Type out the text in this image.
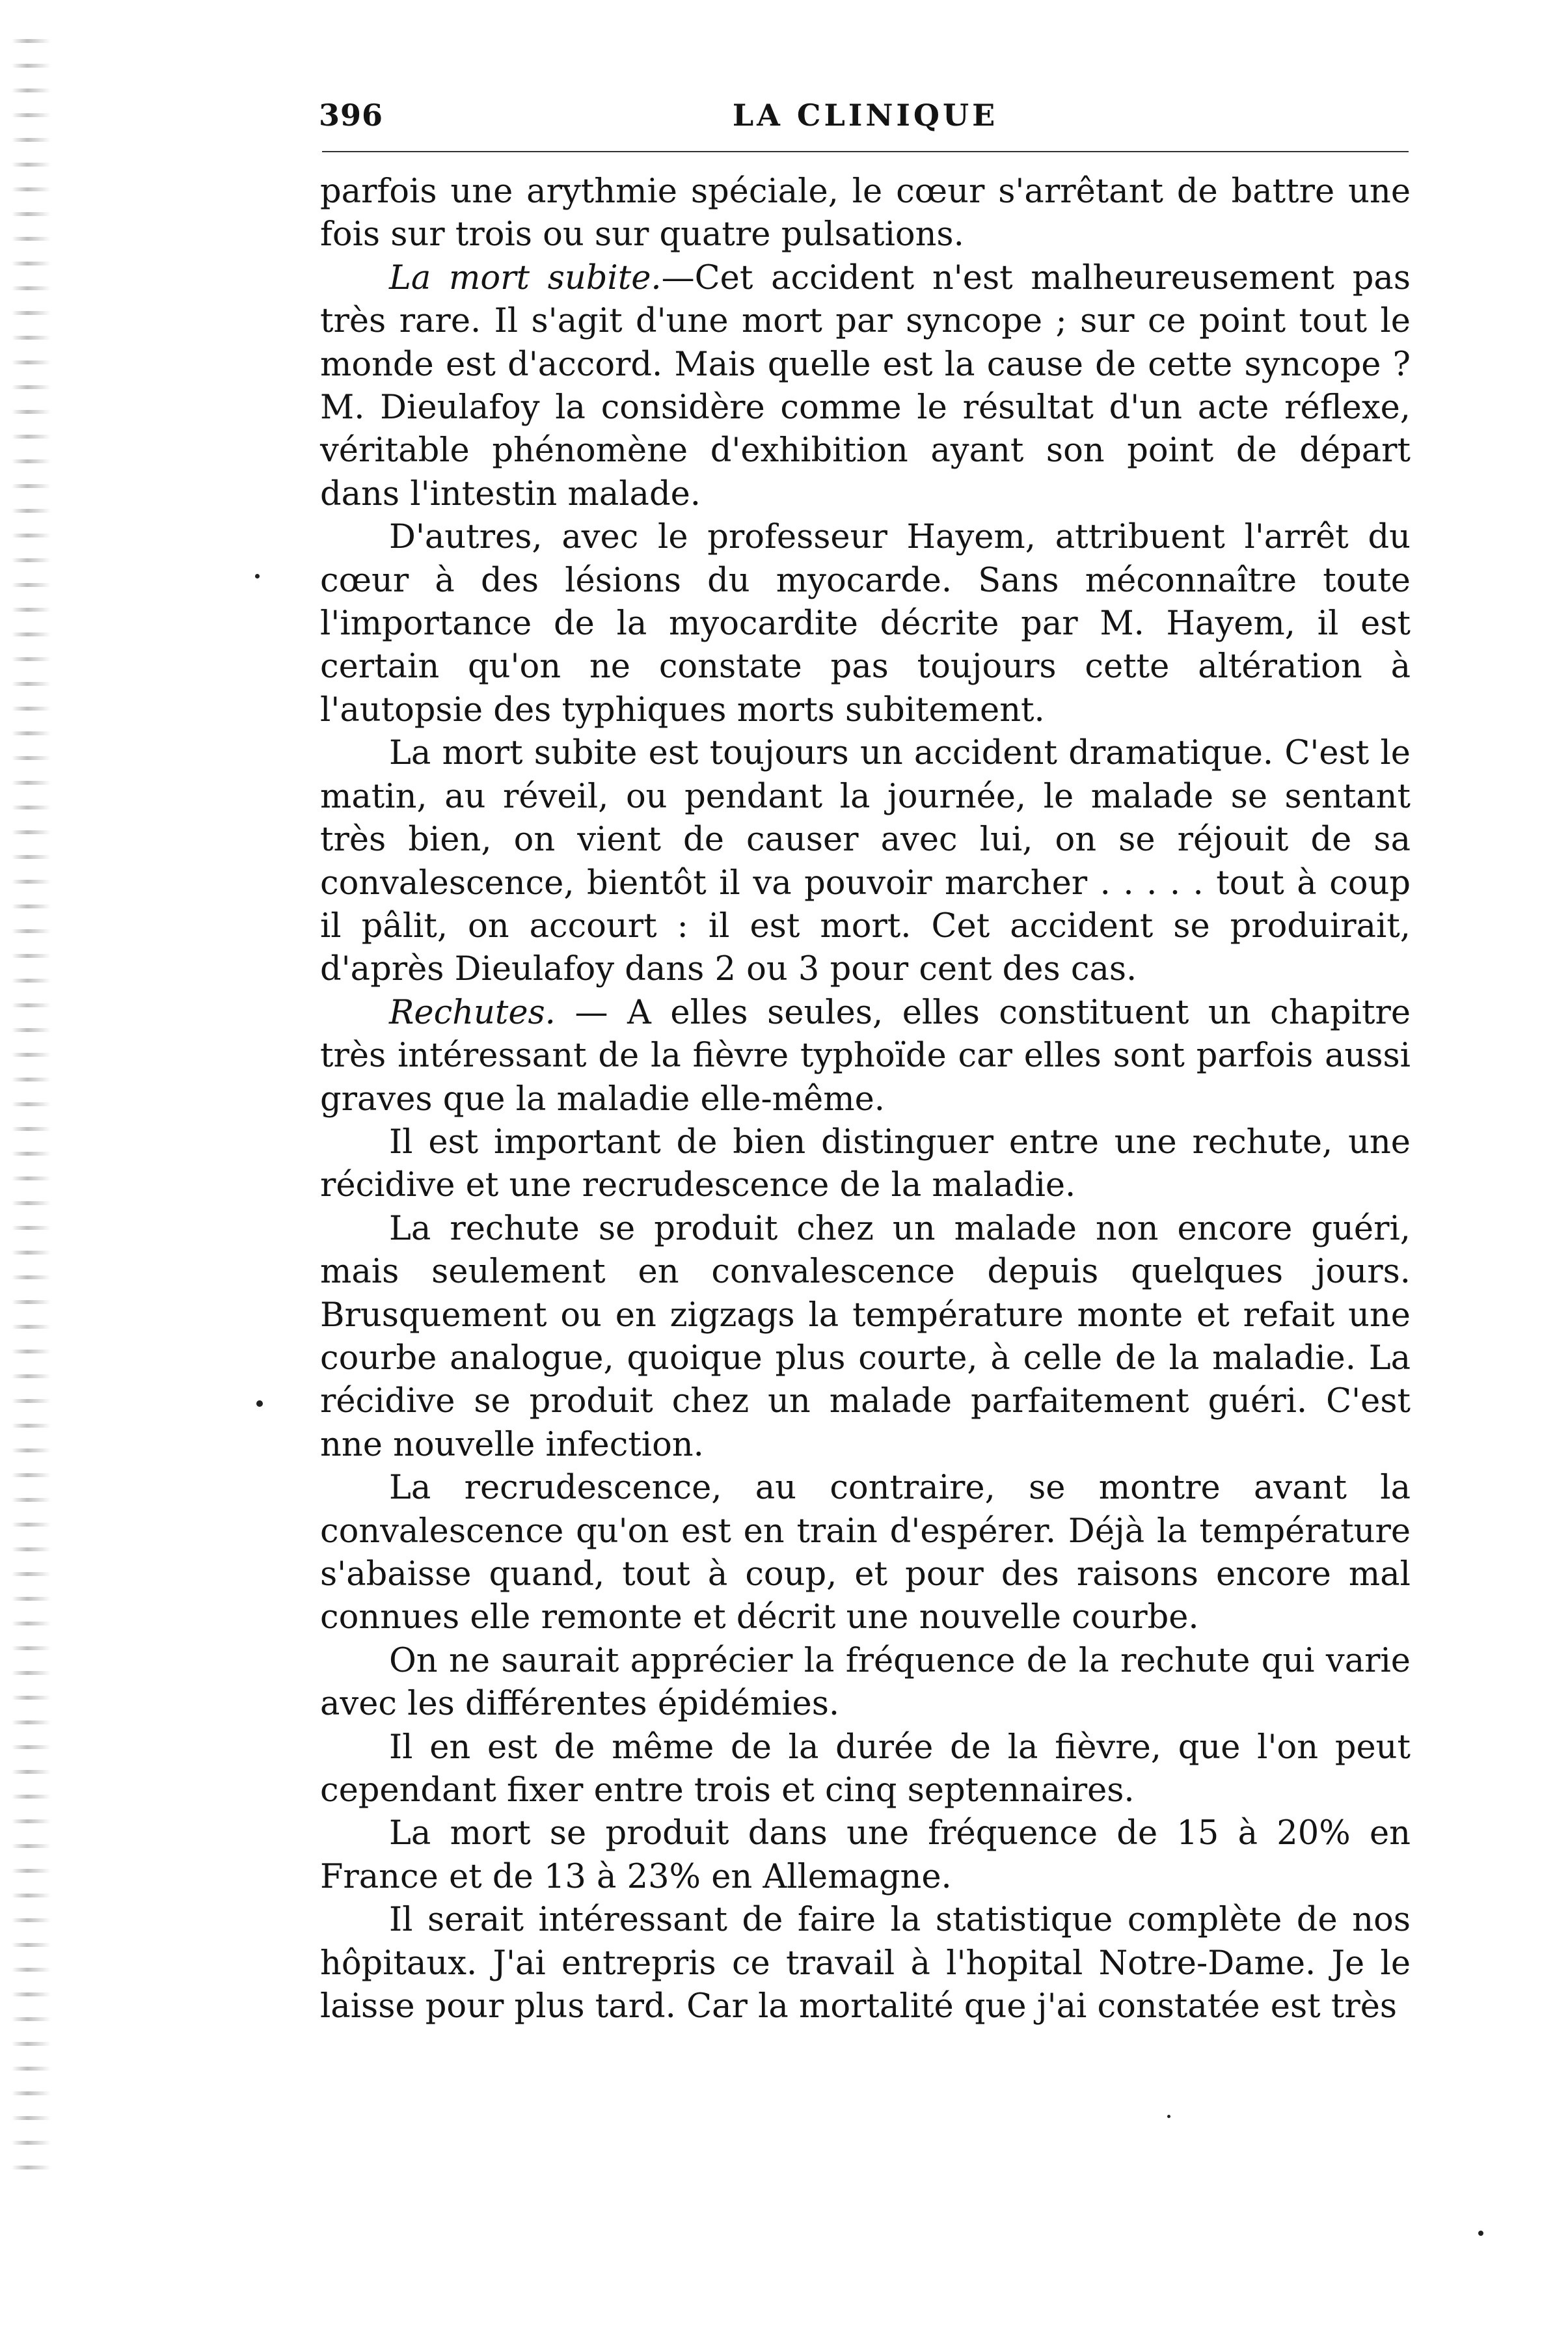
396	LA CLINIQUE

parfois une arythmie spéciale, le cœur s'arrêtant de battre une fois sur trois ou sur quatre pulsations.

La mort subite.—Cet accident n'est malheureusement pas très rare. Il s'agit d'une mort par syncope ; sur ce point tout le monde est d'accord. Mais quelle est la cause de cette syncope ? M. Dieulafoy la considère comme le résultat d'un acte réflexe, véritable phénomène d'exhibition ayant son point de départ dans l'intestin malade.

D'autres, avec le professeur Hayem, attribuent l'arrêt du cœur à des lésions du myocarde. Sans méconnaître toute l'importance de la myocardite décrite par M. Hayem, il est certain qu'on ne constate pas toujours cette altération à l'autopsie des typhiques morts subitement.

La mort subite est toujours un accident dramatique. C'est le matin, au réveil, ou pendant la journée, le malade se sentant très bien, on vient de causer avec lui, on se réjouit de sa convalescence, bientôt il va pouvoir marcher . . . . . tout à coup il pâlit, on accourt : il est mort. Cet accident se produirait, d'après Dieulafoy dans 2 ou 3 pour cent des cas.

Rechutes. — A elles seules, elles constituent un chapitre très intéressant de la fièvre typhoïde car elles sont parfois aussi graves que la maladie elle-même.

Il est important de bien distinguer entre une rechute, une récidive et une recrudescence de la maladie.

La rechute se produit chez un malade non encore guéri, mais seulement en convalescence depuis quelques jours. Brusquement ou en zigzags la température monte et refait une courbe analogue, quoique plus courte, à celle de la maladie. La récidive se produit chez un malade parfaitement guéri. C'est nne nouvelle infection.

La recrudescence, au contraire, se montre avant la convalescence qu'on est en train d'espérer. Déjà la température s'abaisse quand, tout à coup, et pour des raisons encore mal connues elle remonte et décrit une nouvelle courbe.

On ne saurait apprécier la fréquence de la rechute qui varie avec les différentes épidémies.

Il en est de même de la durée de la fièvre, que l'on peut cependant fixer entre trois et cinq septennaires.

La mort se produit dans une fréquence de 15 à 20% en France et de 13 à 23% en Allemagne.

Il serait intéressant de faire la statistique complète de nos hôpitaux. J'ai entrepris ce travail à l'hopital Notre-Dame. Je le laisse pour plus tard. Car la mortalité que j'ai constatée est très
